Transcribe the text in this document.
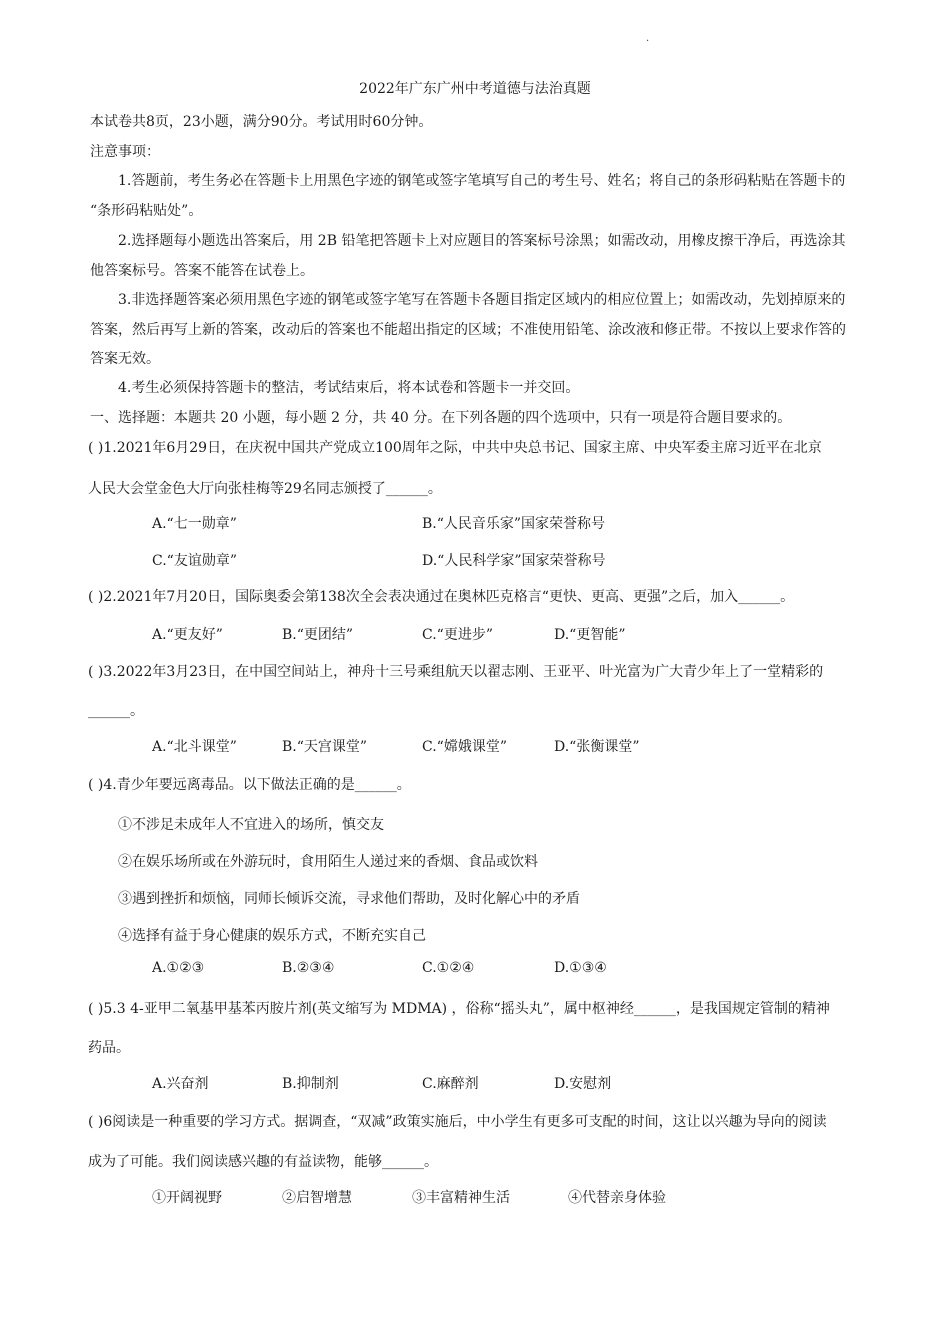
·
2022年广东广州中考道德与法治真题
本试卷共8页，23小题，满分90分。考试用时60分钟。
注意事项：
1.答题前，考生务必在答题卡上用黑色字迹的钢笔或签字笔填写自己的考生号、姓名；将自己的条形码粘贴在答题卡的
“条形码粘贴处”。
2.选择题每小题选出答案后，用 2B 铅笔把答题卡上对应题目的答案标号涂黑；如需改动，用橡皮擦干净后，再选涂其
他答案标号。答案不能答在试卷上。
3.非选择题答案必须用黑色字迹的钢笔或签字笔写在答题卡各题目指定区域内的相应位置上；如需改动，先划掉原来的
答案，然后再写上新的答案，改动后的答案也不能超出指定的区域；不准使用铅笔、涂改液和修正带。不按以上要求作答的
答案无效。
4.考生必须保持答题卡的整洁，考试结束后，将本试卷和答题卡一并交回。
一、选择题：本题共 20 小题，每小题 2 分，共 40 分。在下列各题的四个选项中，只有一项是符合题目要求的。
( )1.2021年6月29日，在庆祝中国共产党成立100周年之际，中共中央总书记、国家主席、中央军委主席习近平在北京
人民大会堂金色大厅向张桂梅等29名同志颁授了______。
A.“七一勋章”	B.“人民音乐家”国家荣誉称号
C.“友谊勋章”	D.“人民科学家”国家荣誉称号
( )2.2021年7月20日，国际奥委会第138次全会表决通过在奥林匹克格言“更快、更高、更强”之后，加入______。
A.“更友好”	B.“更团结”	C.“更进步”	D.“更智能”
( )3.2022年3月23日，在中国空间站上，神舟十三号乘组航天以翟志刚、王亚平、叶光富为广大青少年上了一堂精彩的
______。
A.“北斗课堂”	B.“天宫课堂”	C.“嫦娥课堂”	D.“张衡课堂”
( )4.青少年要远离毒品。以下做法正确的是______。
①不涉足未成年人不宜进入的场所，慎交友
②在娱乐场所或在外游玩时，食用陌生人递过来的香烟、食品或饮料
③遇到挫折和烦恼，同师长倾诉交流，寻求他们帮助，及时化解心中的矛盾
④选择有益于身心健康的娱乐方式，不断充实自己
A.①②③	B.②③④	C.①②④	D.①③④
( )5.3 4-亚甲二氧基甲基苯丙胺片剂(英文缩写为 MDMA) ，俗称“摇头丸”，属中枢神经______，是我国规定管制的精神
药品。
A.兴奋剂	B.抑制剂	C.麻醉剂	D.安慰剂
( )6阅读是一种重要的学习方式。据调查，“双减”政策实施后，中小学生有更多可支配的时间，这让以兴趣为导向的阅读
成为了可能。我们阅读感兴趣的有益读物，能够______。
①开阔视野	②启智增慧	③丰富精神生活	④代替亲身体验
